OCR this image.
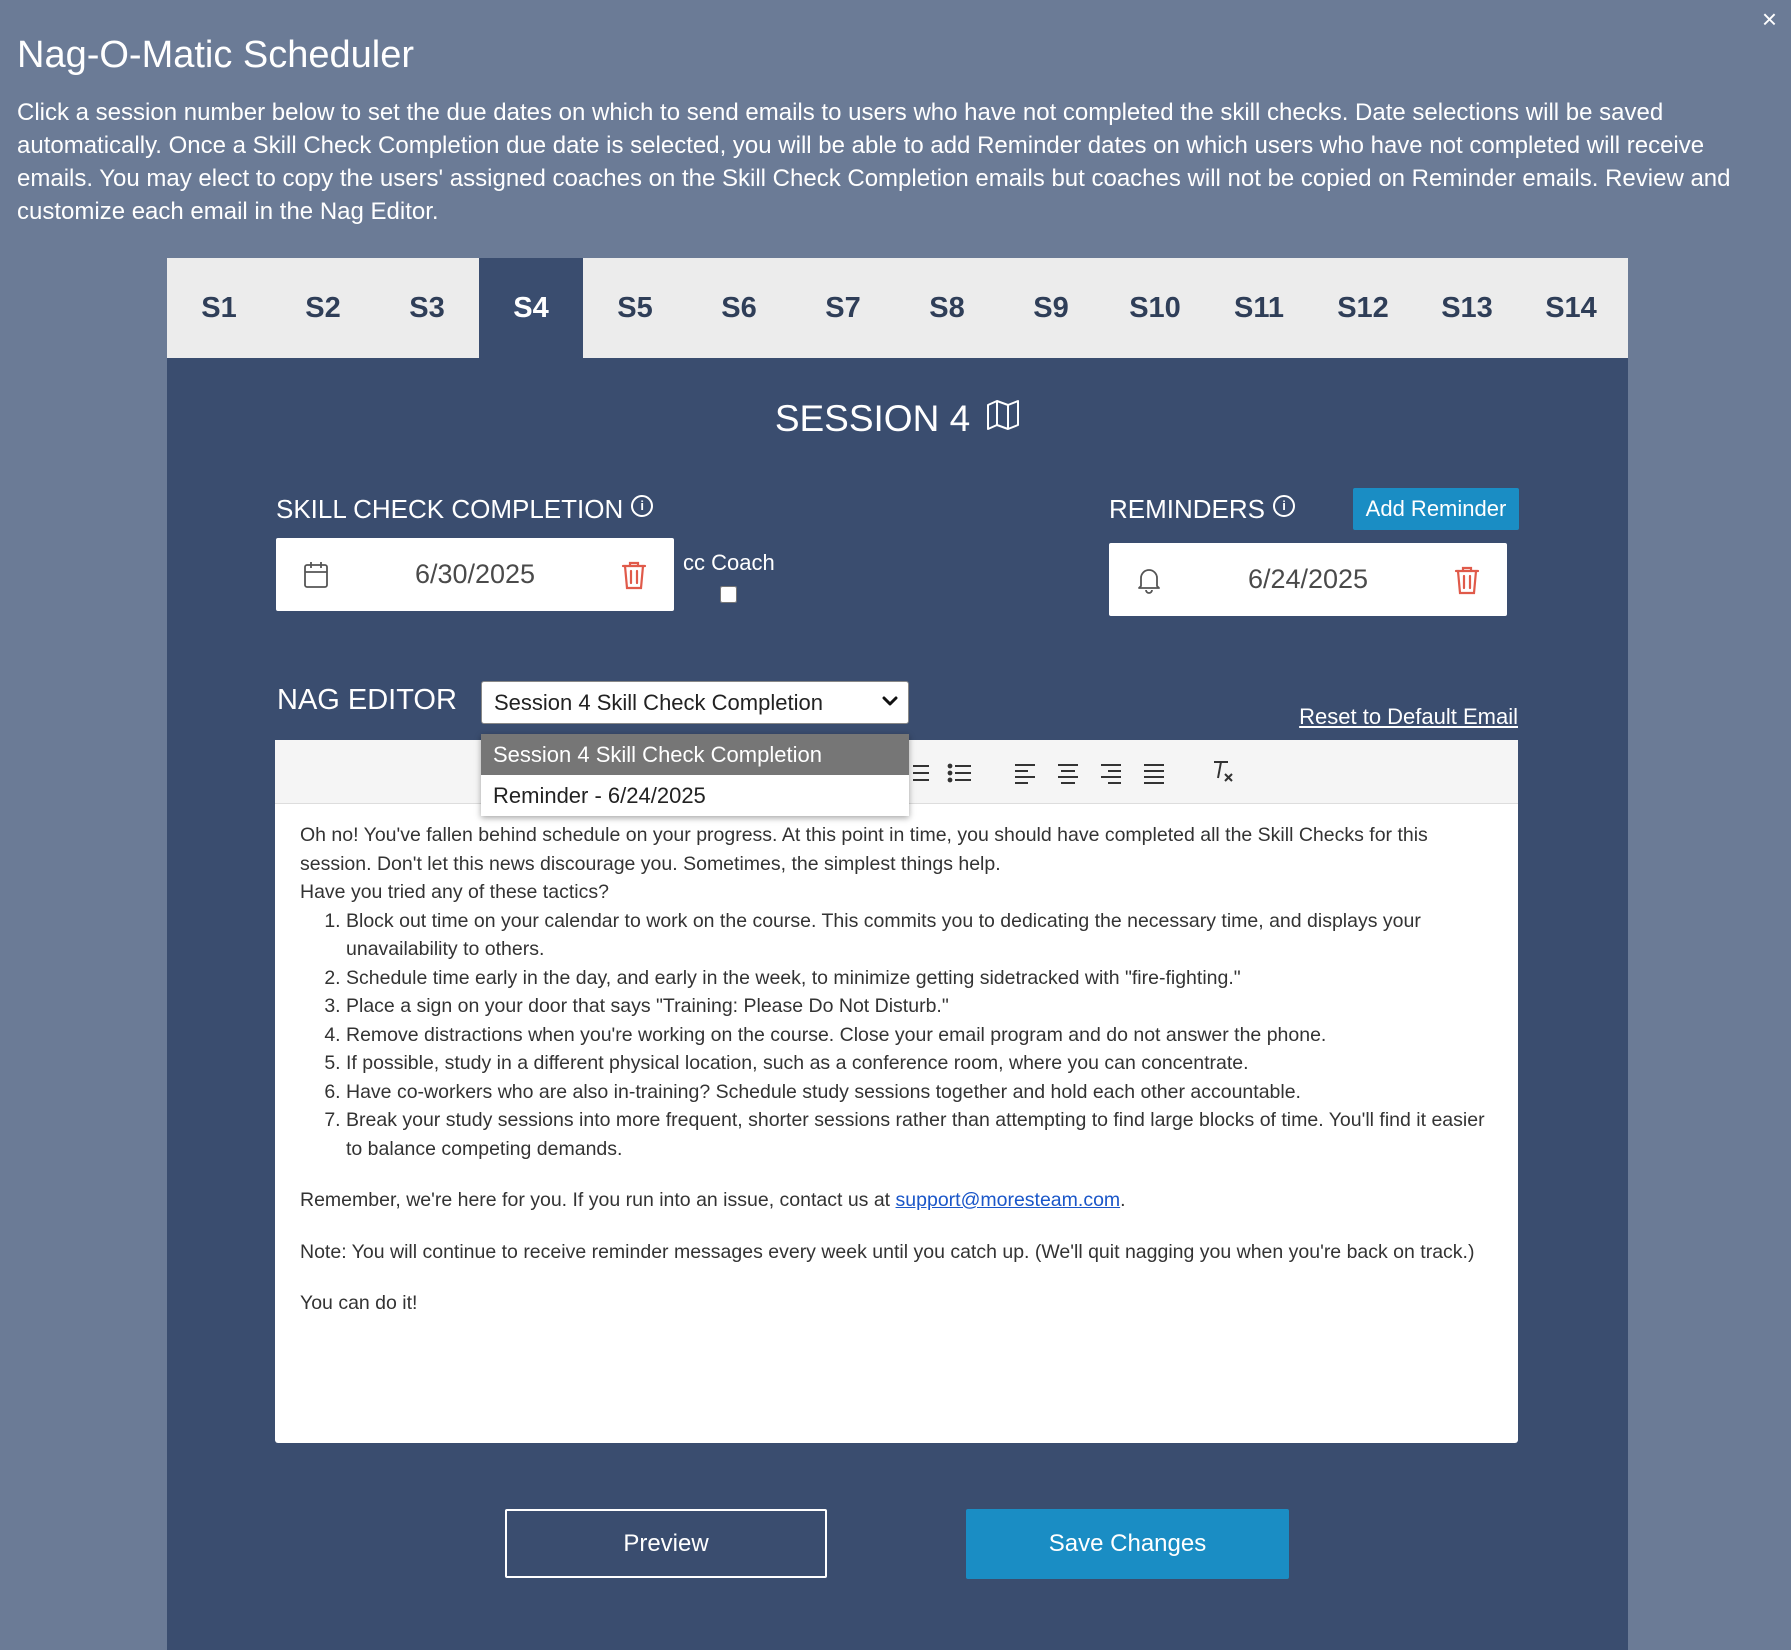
×
Nag-O-Matic Scheduler

Click a session number below to set the due dates on which to send emails to users who have not completed the skill checks. Date selections will be saved automatically. Once a Skill Check Completion due date is selected, you will be able to add Reminder dates on which users who have not completed will receive emails. You may elect to copy the users' assigned coaches on the Skill Check Completion emails but coaches will not be copied on Reminder emails. Review and customize each email in the Nag Editor.

S1	S2	S3	S4	S5	S6	S7	S8	S9	S10	S11	S12	S13	S14
SESSION 4
SKILL CHECK COMPLETION	i
6/30/2025	cc Coach
REMINDERS	i	Add Reminder
6/24/2025
NAG EDITOR Session 4 Skill Check Completion
Reset to Default Email

Oh no! You've fallen behind schedule on your progress. At this point in time, you should have completed all the Skill Checks for this session. Don't let this news discourage you. Sometimes, the simplest things help.

Have you tried any of these tactics?

1. Block out time on your calendar to work on the course. This commits you to dedicating the necessary time, and displays your unavailability to others.
2. Schedule time early in the day, and early in the week, to minimize getting sidetracked with "fire-fighting."
3. Place a sign on your door that says "Training: Please Do Not Disturb."
4. Remove distractions when you're working on the course. Close your email program and do not answer the phone.
5. If possible, study in a different physical location, such as a conference room, where you can concentrate.
6. Have co-workers who are also in-training? Schedule study sessions together and hold each other accountable.
7. Break your study sessions into more frequent, shorter sessions rather than attempting to find large blocks of time. You'll find it easier to balance competing demands.

Remember, we're here for you. If you run into an issue, contact us at support@moresteam.com.

Note: You will continue to receive reminder messages every week until you catch up. (We'll quit nagging you when you're back on track.)

You can do it!

Session 4 Skill Check Completion
Reminder - 6/24/2025
Preview	Save Changes
